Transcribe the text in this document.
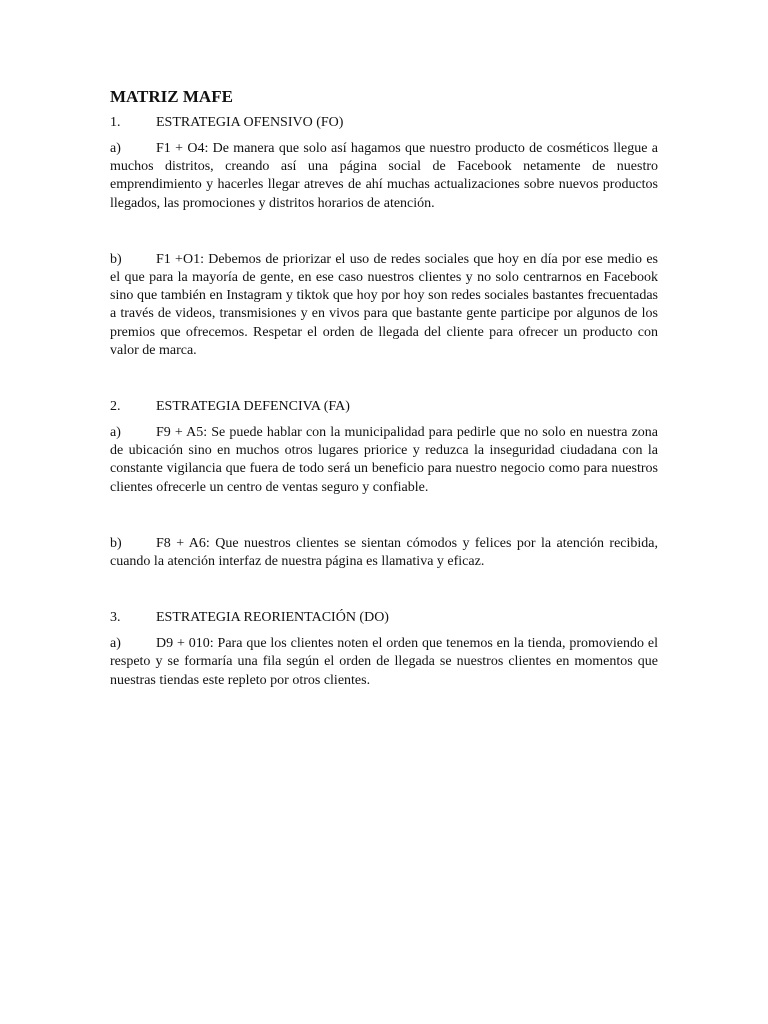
MATRIZ MAFE
1.	ESTRATEGIA OFENSIVO (FO)

a)	F1 + O4: De manera que solo así hagamos que nuestro producto de cosméticos llegue a muchos distritos, creando así una página social de Facebook netamente de nuestro emprendimiento y hacerles llegar atreves de ahí muchas actualizaciones sobre nuevos productos llegados, las promociones y distritos horarios de atención.

b) F1 +O1: Debemos de priorizar el uso de redes sociales que hoy en día por ese medio es el que para la mayoría de gente, en ese caso nuestros clientes y no solo centrarnos en Facebook sino que también en Instagram y tiktok que hoy por hoy son redes sociales bastantes frecuentadas a través de videos, transmisiones y en vivos para que bastante gente participe por algunos de los premios que ofrecemos. Respetar el orden de llegada del cliente para ofrecer un producto con valor de marca.

2.	ESTRATEGIA DEFENCIVA (FA)

a)	F9 + A5: Se puede hablar con la municipalidad para pedirle que no solo en nuestra zona de ubicación sino en muchos otros lugares priorice y reduzca la inseguridad ciudadana con la constante vigilancia que fuera de todo será un beneficio para nuestro negocio como para nuestros clientes ofrecerle un centro de ventas seguro y confiable.

b) F8 + A6: Que nuestros clientes se sientan cómodos y felices por la atención recibida, cuando la atención interfaz de nuestra página es llamativa y eficaz.

3.	ESTRATEGIA REORIENTACIÓN (DO)

a)	D9 + 010: Para que los clientes noten el orden que tenemos en la tienda, promoviendo el respeto y se formaría una fila según el orden de llegada se nuestros clientes en momentos que nuestras tiendas este repleto por otros clientes.
